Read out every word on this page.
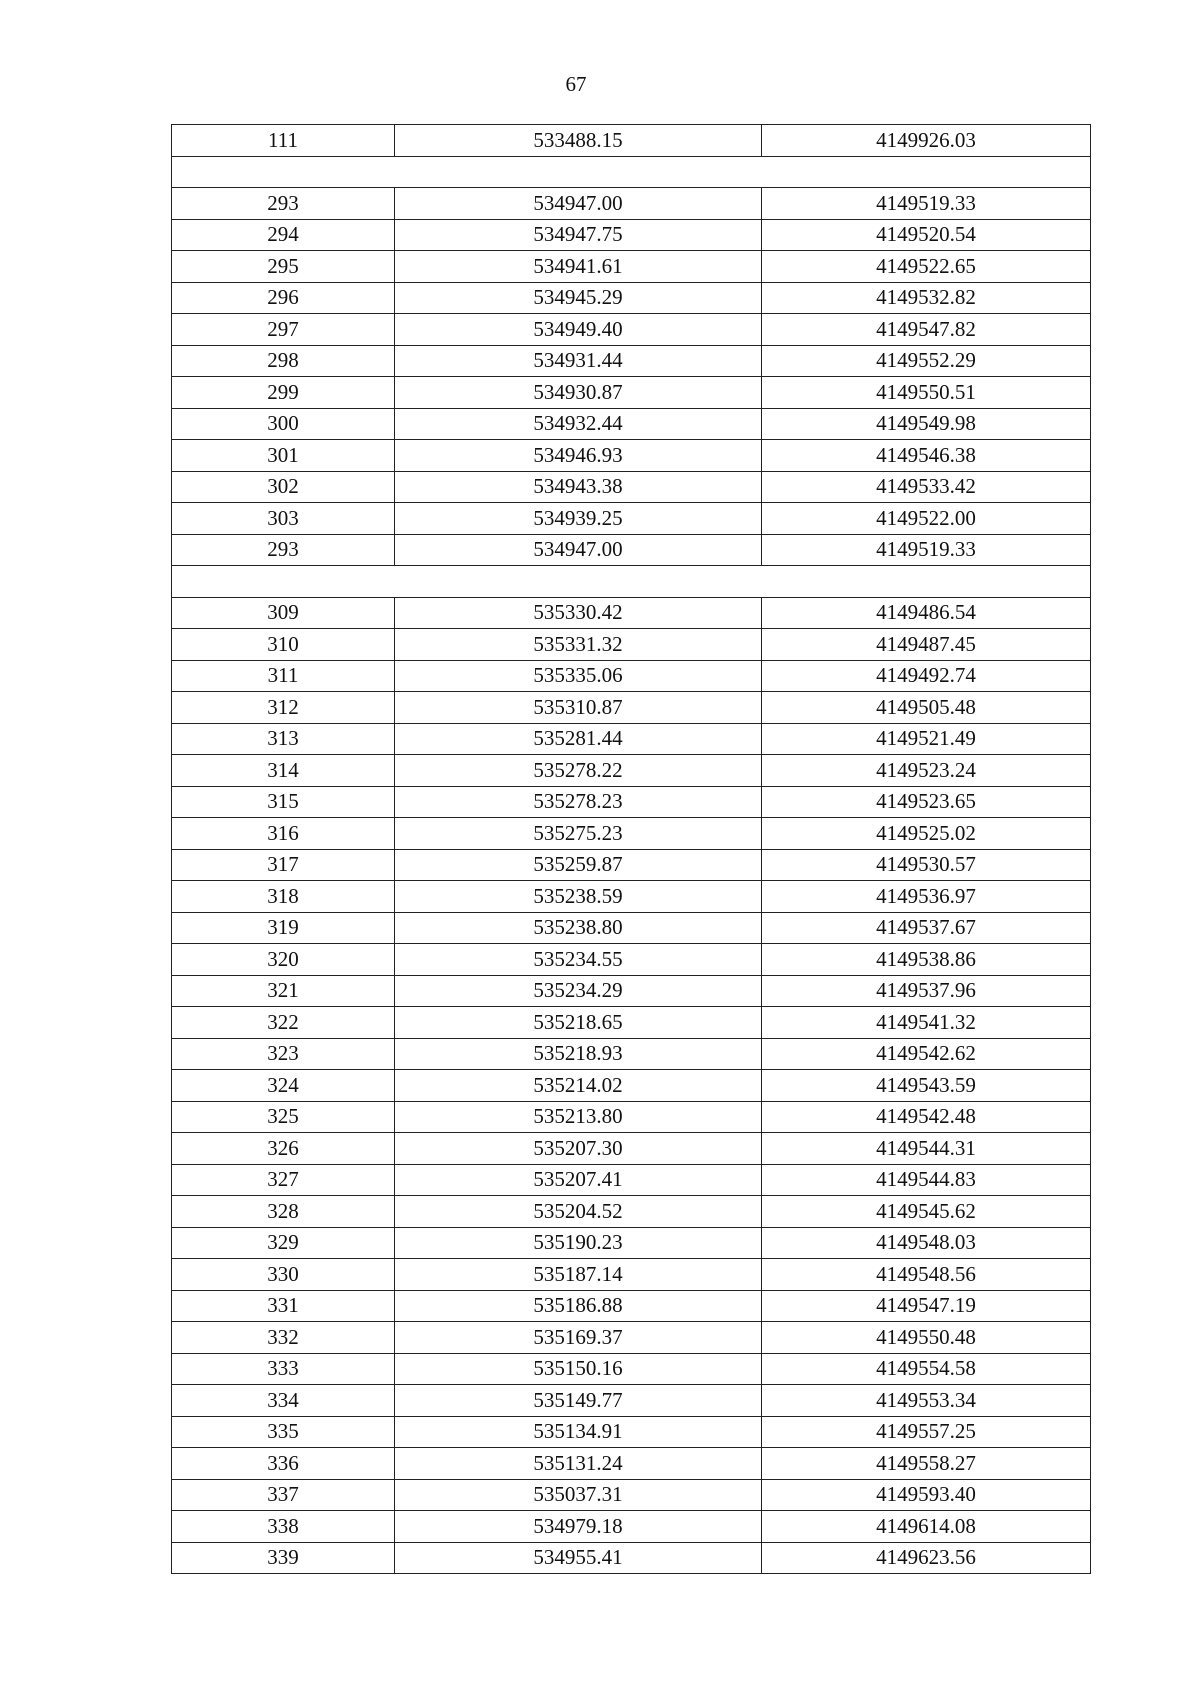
67
111	533488.15	4149926.03

293	534947.00	4149519.33
294	534947.75	4149520.54
295	534941.61	4149522.65
296	534945.29	4149532.82
297	534949.40	4149547.82
298	534931.44	4149552.29
299	534930.87	4149550.51
300	534932.44	4149549.98
301	534946.93	4149546.38
302	534943.38	4149533.42
303	534939.25	4149522.00
293	534947.00	4149519.33

309	535330.42	4149486.54
310	535331.32	4149487.45
311	535335.06	4149492.74
312	535310.87	4149505.48
313	535281.44	4149521.49
314	535278.22	4149523.24
315	535278.23	4149523.65
316	535275.23	4149525.02
317	535259.87	4149530.57
318	535238.59	4149536.97
319	535238.80	4149537.67
320	535234.55	4149538.86
321	535234.29	4149537.96
322	535218.65	4149541.32
323	535218.93	4149542.62
324	535214.02	4149543.59
325	535213.80	4149542.48
326	535207.30	4149544.31
327	535207.41	4149544.83
328	535204.52	4149545.62
329	535190.23	4149548.03
330	535187.14	4149548.56
331	535186.88	4149547.19
332	535169.37	4149550.48
333	535150.16	4149554.58
334	535149.77	4149553.34
335	535134.91	4149557.25
336	535131.24	4149558.27
337	535037.31	4149593.40
338	534979.18	4149614.08
339	534955.41	4149623.56
